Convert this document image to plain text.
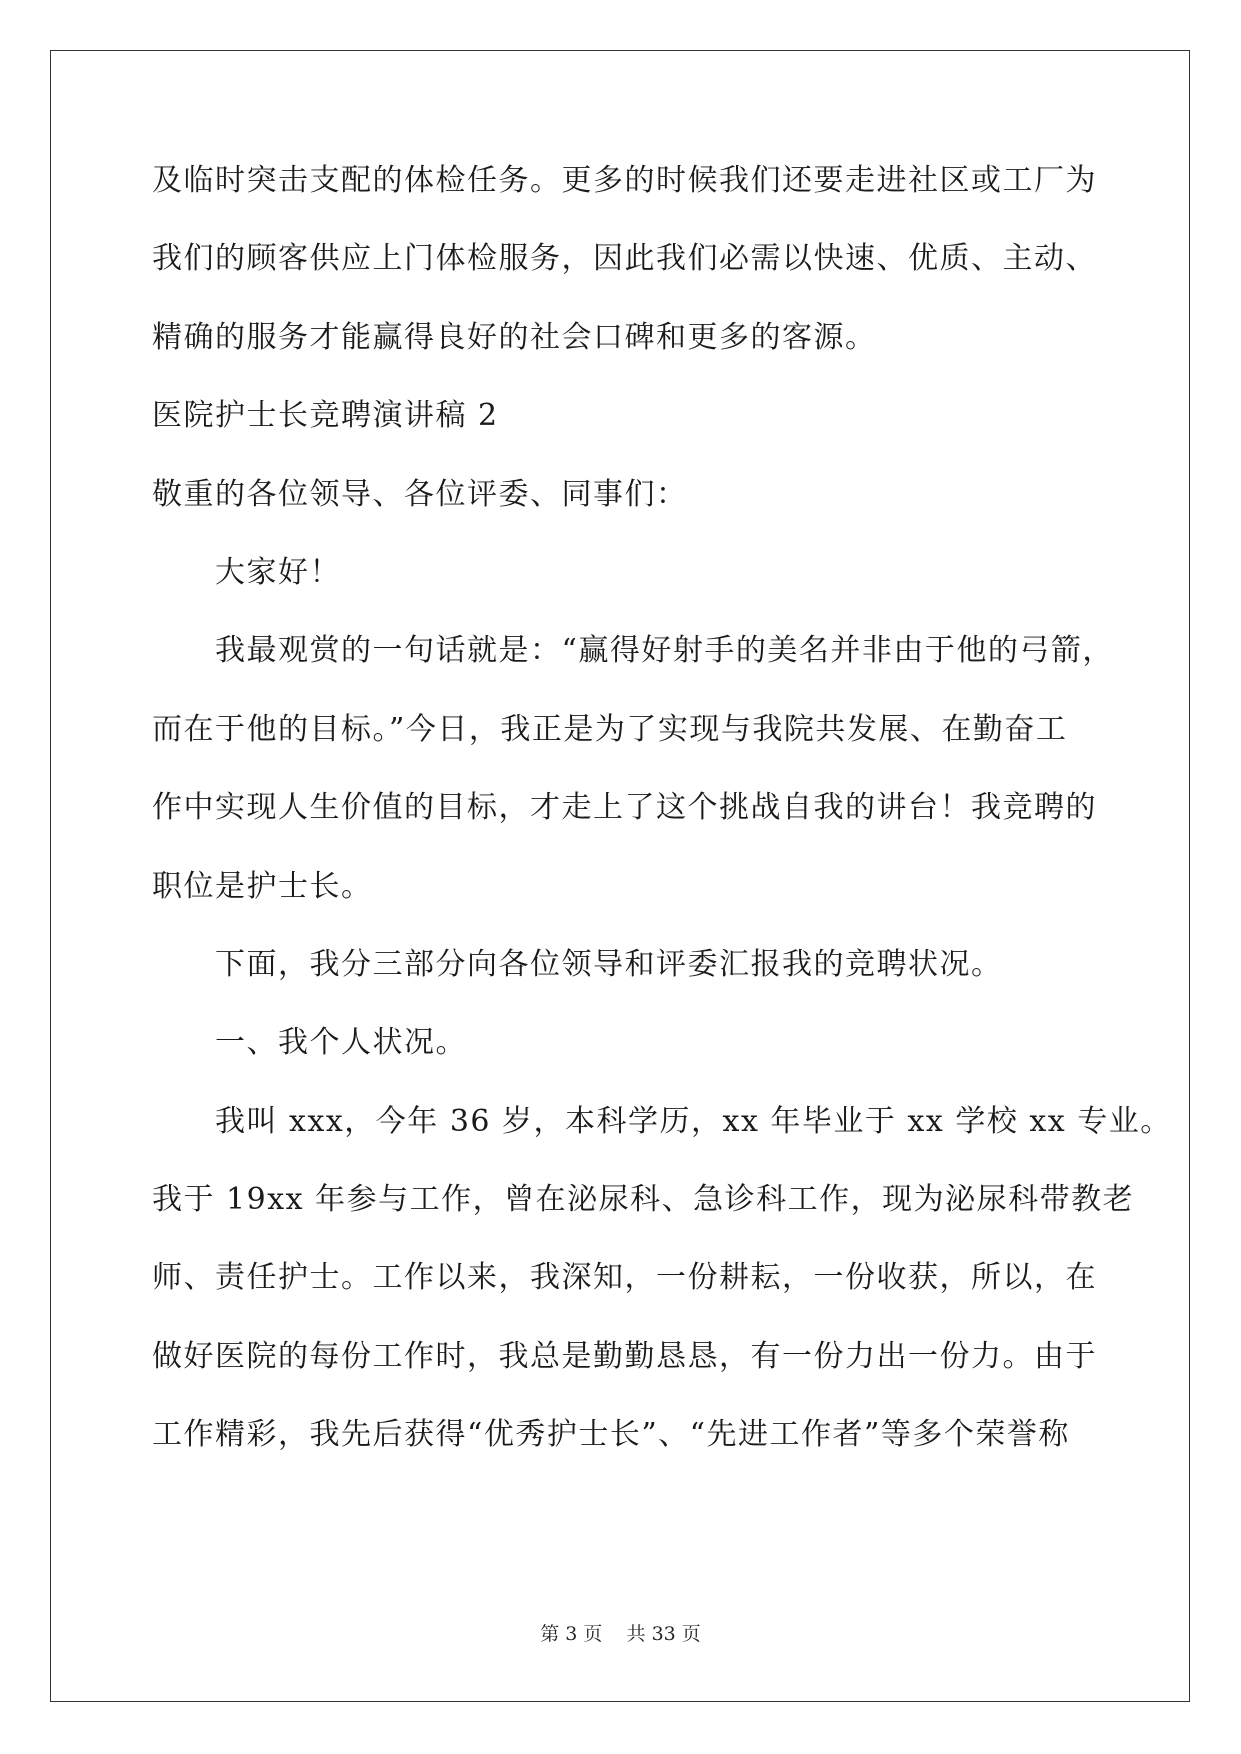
及临时突击支配的体检任务。更多的时候我们还要走进社区或工厂为
我们的顾客供应上门体检服务，因此我们必需以快速、优质、主动、
精确的服务才能赢得良好的社会口碑和更多的客源。
医院护士长竞聘演讲稿 2
敬重的各位领导、各位评委、同事们：
大家好！
我最观赏的一句话就是：“赢得好射手的美名并非由于他的弓箭，
而在于他的目标。”今日，我正是为了实现与我院共发展、在勤奋工
作中实现人生价值的目标，才走上了这个挑战自我的讲台！我竞聘的
职位是护士长。
下面，我分三部分向各位领导和评委汇报我的竞聘状况。
一、我个人状况。
我叫 xxx，今年 36 岁，本科学历，xx 年毕业于 xx 学校 xx 专业。
我于 19xx 年参与工作，曾在泌尿科、急诊科工作，现为泌尿科带教老
师、责任护士。工作以来，我深知，一份耕耘，一份收获，所以，在
做好医院的每份工作时，我总是勤勤恳恳，有一份力出一份力。由于
工作精彩，我先后获得“优秀护士长”、“先进工作者”等多个荣誉称
第 3 页    共 33 页
